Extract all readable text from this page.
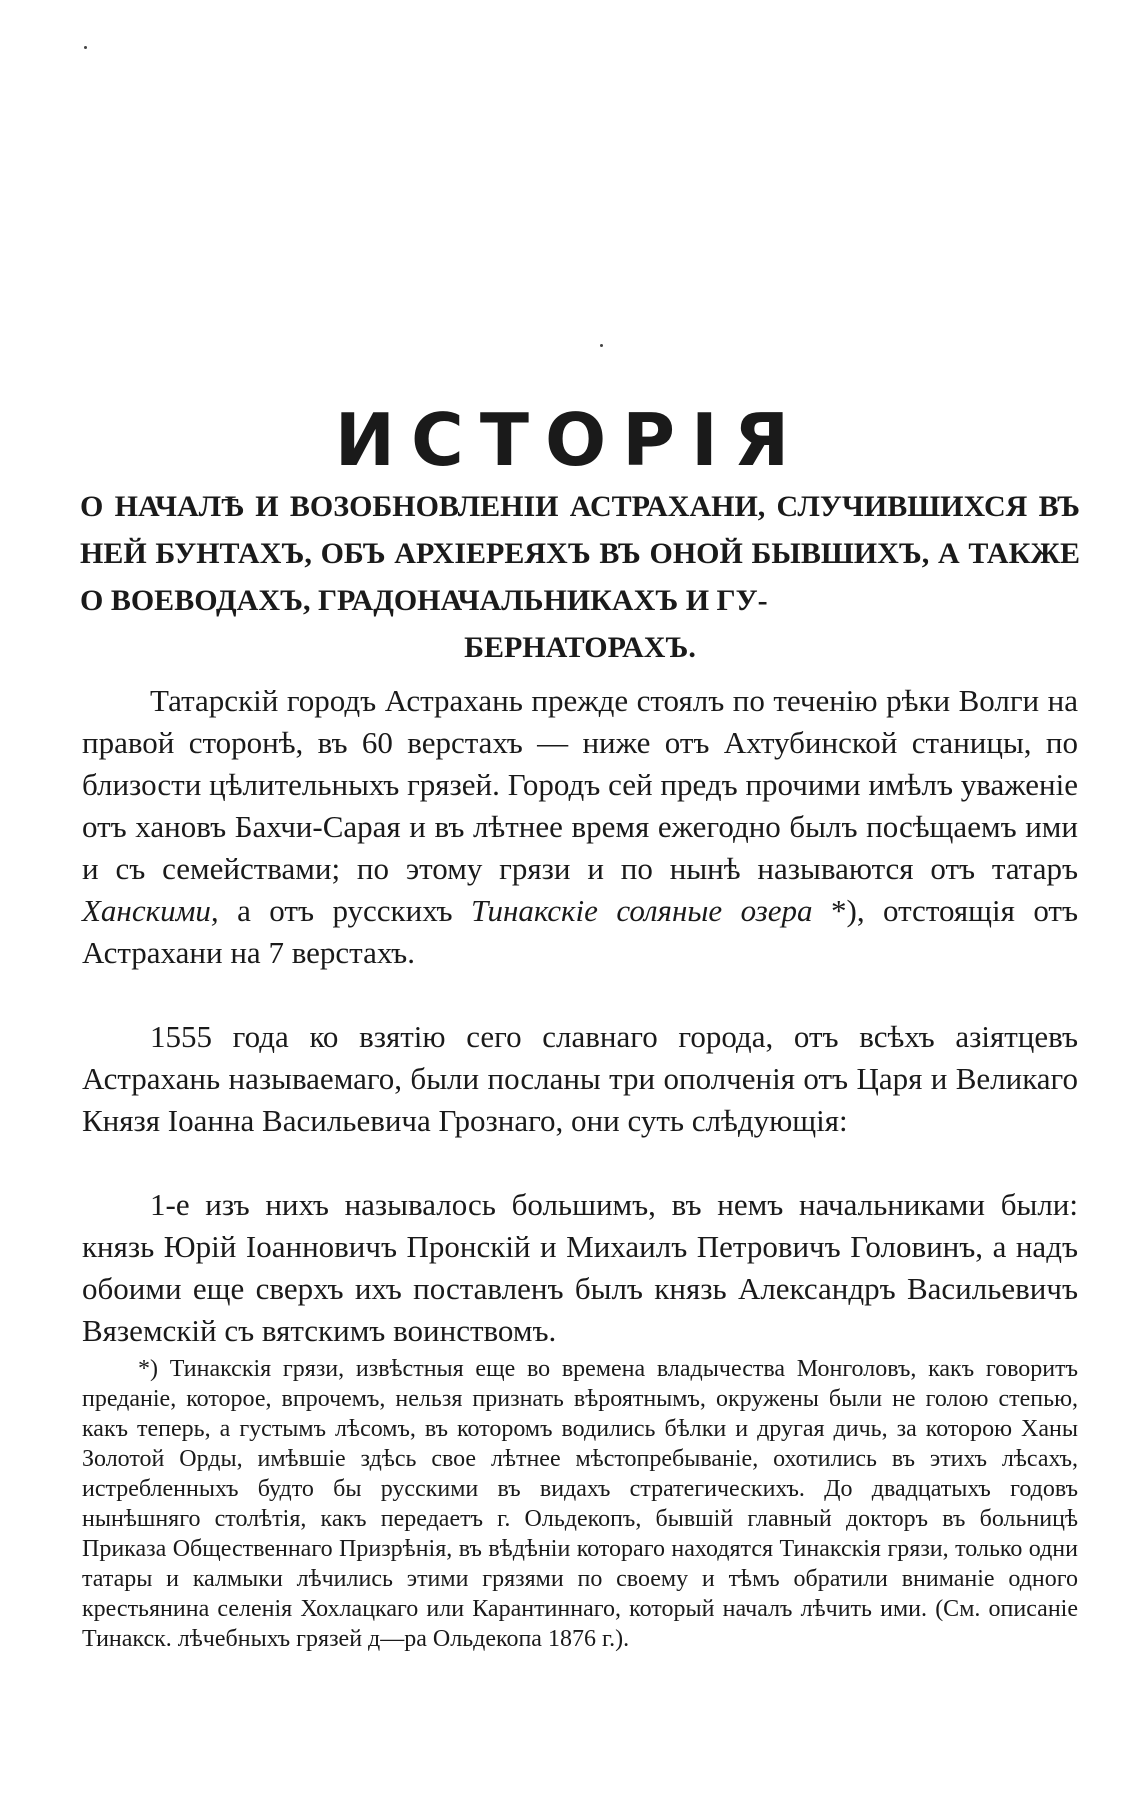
ИСТОРІЯ
О НАЧАЛѢ И ВОЗОБНОВЛЕНІИ АСТРАХАНИ, СЛУЧИВШИХСЯ ВЪ НЕЙ БУНТАХЪ, ОБЪ АРХІЕРЕЯХЪ ВЪ ОНОЙ БЫВШИХЪ, А ТАКЖЕ О ВОЕВОДАХЪ, ГРАДОНАЧАЛЬНИКАХЪ И ГУ-
БЕРНАТОРАХЪ.
Татарскій городъ Астрахань прежде стоялъ по теченію рѣки Волги на правой сторонѣ, въ 60 верстахъ — ниже отъ Ахтубинской станицы, по близости цѣлительныхъ грязей. Городъ сей предъ прочими имѣлъ уваженіе отъ хановъ Бахчи-Сарая и въ лѣтнее время ежегодно былъ посѣщаемъ ими и съ семействами; по этому грязи и по нынѣ называются отъ татаръ Ханскими, а отъ русскихъ Тинакскіе соляные озера *), отстоящія отъ Астрахани на 7 верстахъ.
1555 года ко взятію сего славнаго города, отъ всѣхъ азіятцевъ Астрахань называемаго, были посланы три ополченія отъ Царя и Великаго Князя Іоанна Васильевича Грознаго, они суть слѣдующія:
1-е изъ нихъ называлось большимъ, въ немъ начальниками были: князь Юрій Іоанновичъ Пронскій и Михаилъ Петровичъ Головинъ, а надъ обоими еще сверхъ ихъ поставленъ былъ князь Александръ Васильевичъ Вяземскій съ вятскимъ воинствомъ.
*) Тинакскія грязи, извѣстныя еще во времена владычества Монголовъ, какъ говоритъ преданіе, которое, впрочемъ, нельзя признать вѣроятнымъ, окружены были не голою степью, какъ теперь, а густымъ лѣсомъ, въ которомъ водились бѣлки и другая дичь, за которою Ханы Золотой Орды, имѣвшіе здѣсь свое лѣтнее мѣстопребываніе, охотились въ этихъ лѣсахъ, истребленныхъ будто бы русскими въ видахъ стратегическихъ. До двадцатыхъ годовъ нынѣшняго столѣтія, какъ передаетъ г. Ольдекопъ, бывшій главный докторъ въ больницѣ Приказа Общественнаго Призрѣнія, въ вѣдѣніи котораго находятся Тинакскія грязи, только одни татары и калмыки лѣчились этими грязями по своему и тѣмъ обратили вниманіе одного крестьянина селенія Хохлацкаго или Карантиннаго, который началъ лѣчить ими. (См. описаніе Тинакск. лѣчебныхъ грязей д—ра Ольдекопа 1876 г.).
